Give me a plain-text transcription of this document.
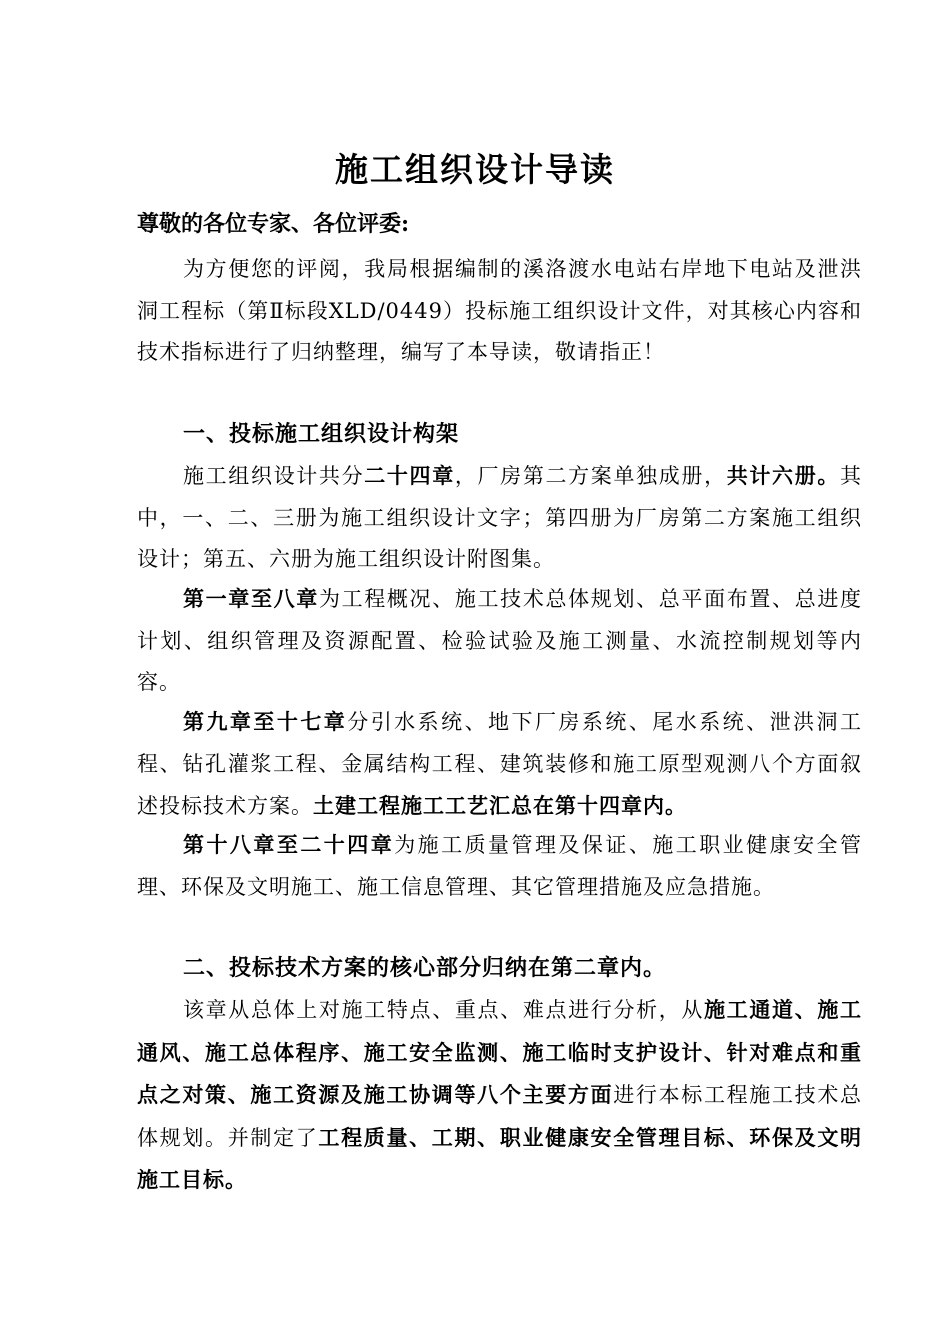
施工组织设计导读

尊敬的各位专家、各位评委:

为方便您的评阅，我局根据编制的溪洛渡水电站右岸地下电站及泄洪洞工程标（第Ⅱ标段XLD/0449）投标施工组织设计文件，对其核心内容和技术指标进行了归纳整理，编写了本导读，敬请指正！

一、投标施工组织设计构架

施工组织设计共分二十四章，厂房第二方案单独成册，共计六册。其中，一、二、三册为施工组织设计文字；第四册为厂房第二方案施工组织设计；第五、六册为施工组织设计附图集。

第一章至八章为工程概况、施工技术总体规划、总平面布置、总进度计划、组织管理及资源配置、检验试验及施工测量、水流控制规划等内容。

第九章至十七章分引水系统、地下厂房系统、尾水系统、泄洪洞工程、钻孔灌浆工程、金属结构工程、建筑装修和施工原型观测八个方面叙述投标技术方案。土建工程施工工艺汇总在第十四章内。

第十八章至二十四章为施工质量管理及保证、施工职业健康安全管理、环保及文明施工、施工信息管理、其它管理措施及应急措施。

二、投标技术方案的核心部分归纳在第二章内。

该章从总体上对施工特点、重点、难点进行分析，从施工通道、施工通风、施工总体程序、施工安全监测、施工临时支护设计、针对难点和重点之对策、施工资源及施工协调等八个主要方面进行本标工程施工技术总体规划。并制定了工程质量、工期、职业健康安全管理目标、环保及文明施工目标。
